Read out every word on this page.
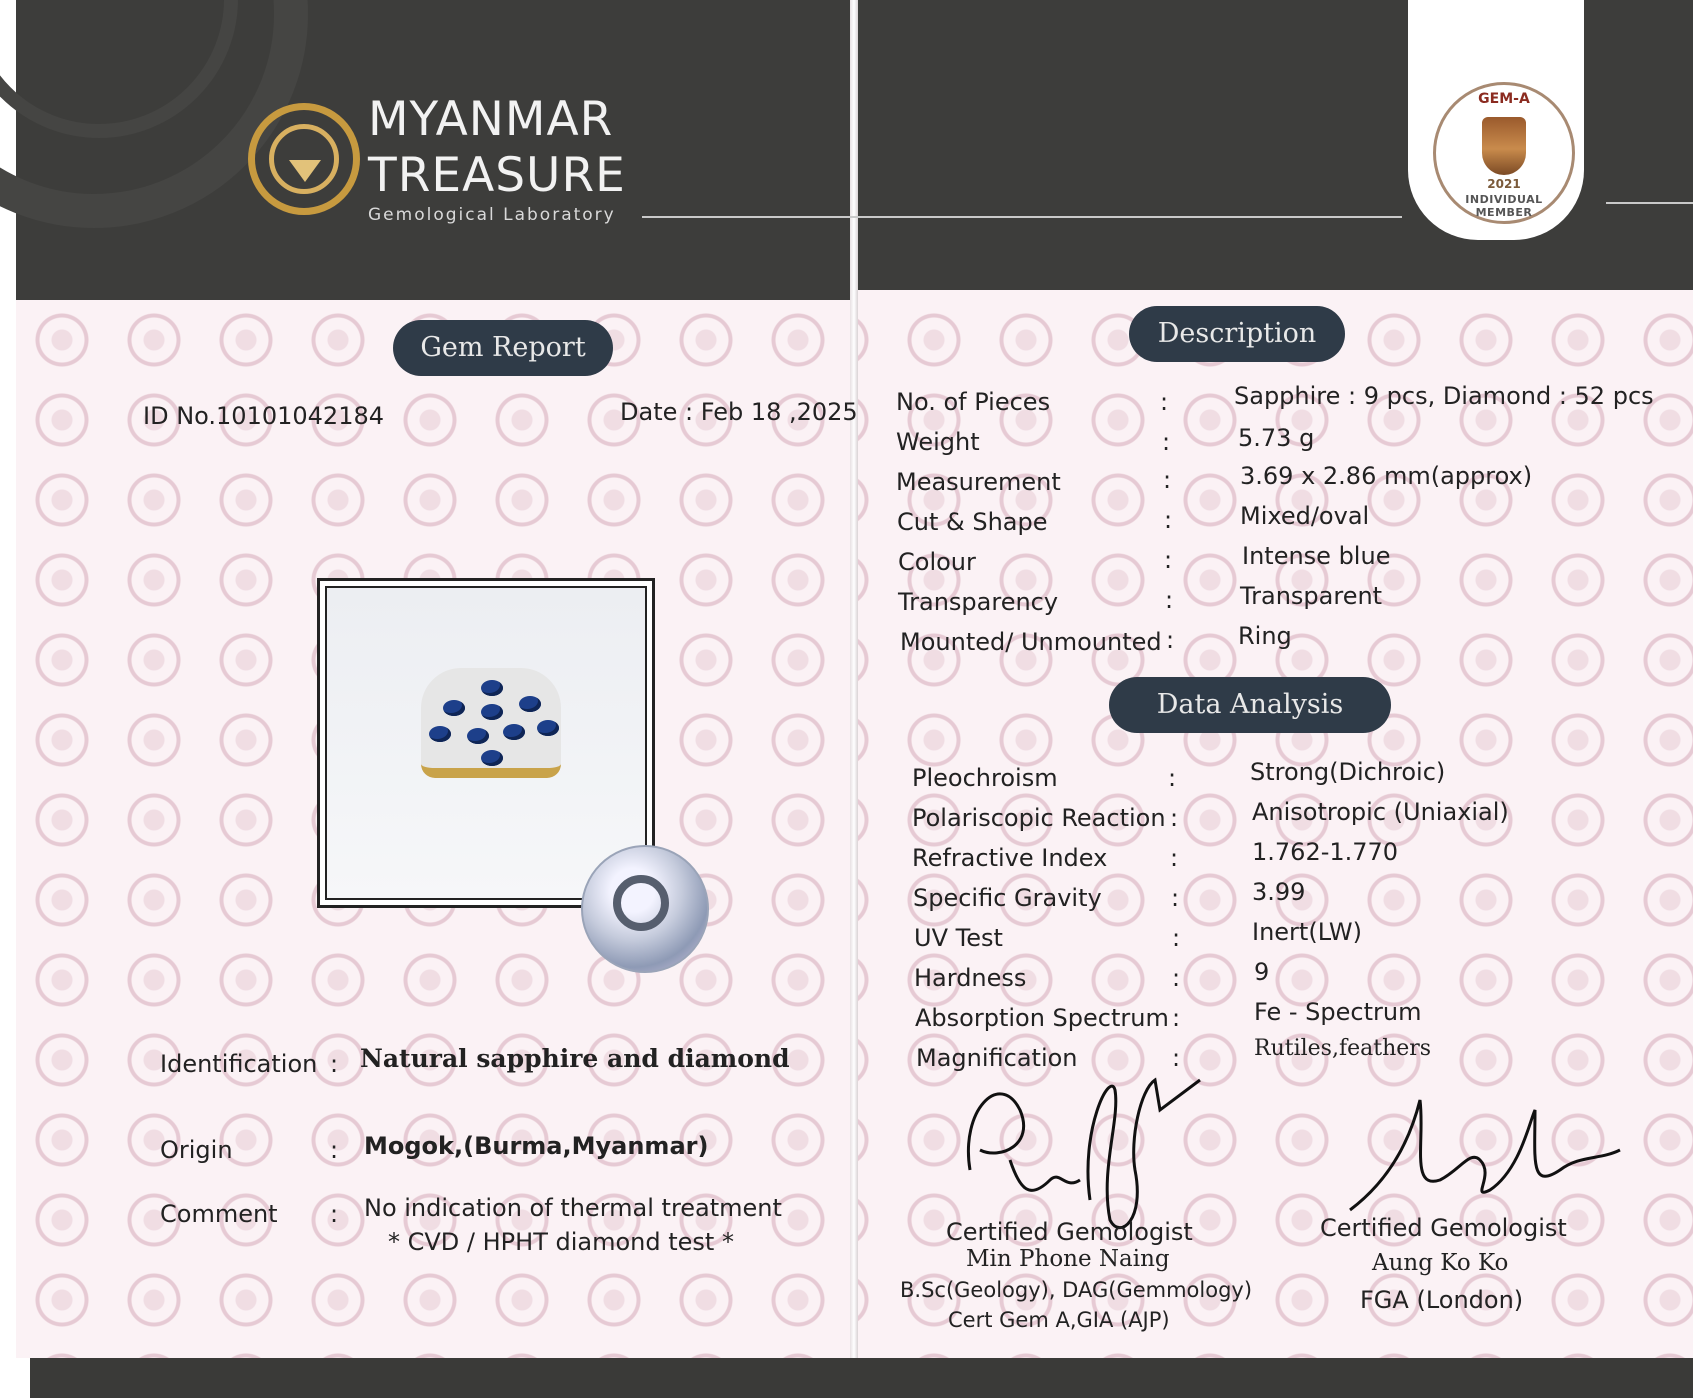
MYANMAR
TREASURE
Gemological Laboratory
GEM-A
2021
INDIVIDUAL MEMBER
Gem Report
ID No.10101042184	Date : Feb 18 ,2025
Identification : Natural sapphire and diamond
Origin	: Mogok,(Burma,Myanmar)
Comment : No indication of thermal treatment
* CVD / HPHT diamond test *
Description
No. of Pieces	:	Sapphire : 9 pcs, Diamond : 52 pcs
Weight	:	5.73 g
Measurement	:	3.69 x 2.86 mm(approx)
Cut & Shape	:	Mixed/oval
Colour	:	Intense blue
Transparency	:	Transparent
Mounted/ Unmounted :	Ring
Data Analysis
Pleochroism	:	Strong(Dichroic)
Polariscopic Reaction :	Anisotropic (Uniaxial)
Refractive Index	:	1.762-1.770
Specific Gravity	:	3.99
UV Test	:	Inert(LW)
Hardness	:	9
Absorption Spectrum :	Fe - Spectrum
Magnification	:	Rutiles,feathers
Certified Gemologist
Min Phone Naing
B.Sc(Geology), DAG(Gemmology)
Cert Gem A,GIA (AJP)
Certified Gemologist
Aung Ko Ko
FGA (London)
